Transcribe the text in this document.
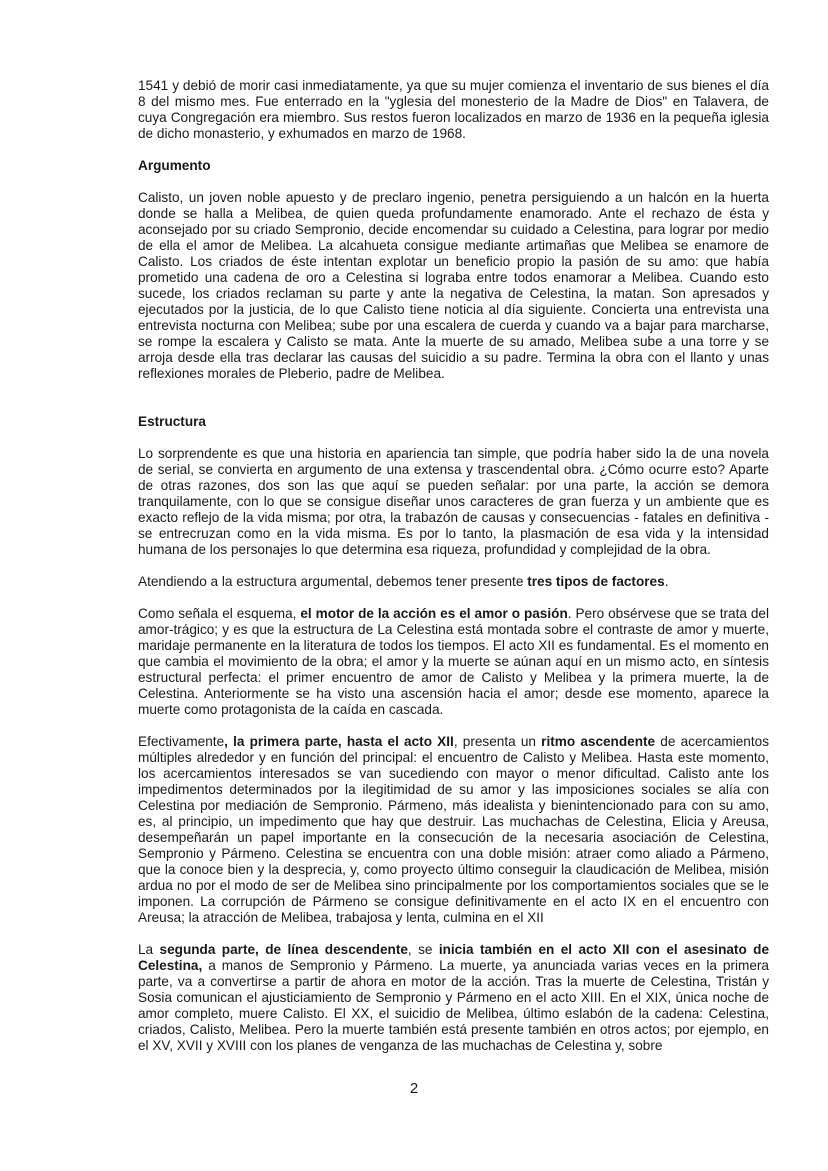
1541 y debió de morir casi inmediatamente, ya que su mujer comienza el inventario de sus bienes el día 8 del mismo mes. Fue enterrado en la "yglesia del monesterio de la Madre de Dios" en Talavera, de cuya Congregación era miembro. Sus restos fueron localizados en marzo de 1936 en la pequeña iglesia de dicho monasterio, y exhumados en marzo de 1968.

Argumento

Calisto, un joven noble apuesto y de preclaro ingenio, penetra persiguiendo a un halcón en la huerta donde se halla a Melibea, de quien queda profundamente enamorado. Ante el rechazo de ésta y aconsejado por su criado Sempronio, decide encomendar su cuidado a Celestina, para lograr por medio de ella el amor de Melibea. La alcahueta consigue mediante artimañas que Melibea se enamore de Calisto. Los criados de éste intentan explotar un beneficio propio la pasión de su amo: que había prometido una cadena de oro a Celestina si lograba entre todos enamorar a Melibea. Cuando esto sucede, los criados reclaman su parte y ante la negativa de Celestina, la matan. Son apresados y ejecutados por la justicia, de lo que Calisto tiene noticia al día siguiente. Concierta una entrevista una entrevista nocturna con Melibea; sube por una escalera de cuerda y cuando va a bajar para marcharse, se rompe la escalera y Calisto se mata. Ante la muerte de su amado, Melibea sube a una torre y se arroja desde ella tras declarar las causas del suicidio a su padre. Termina la obra con el llanto y unas reflexiones morales de Pleberio, padre de Melibea.

Estructura

Lo sorprendente es que una historia en apariencia tan simple, que podría haber sido la de una novela de serial, se convierta en argumento de una extensa y trascendental obra. ¿Cómo ocurre esto? Aparte de otras razones, dos son las que aquí se pueden señalar: por una parte, la acción se demora tranquilamente, con lo que se consigue diseñar unos caracteres de gran fuerza y un ambiente que es exacto reflejo de la vida misma; por otra, la trabazón de causas y consecuencias - fatales en definitiva - se entrecruzan como en la vida misma. Es por lo tanto, la plasmación de esa vida y la intensidad humana de los personajes lo que determina esa riqueza, profundidad y complejidad de la obra.

Atendiendo a la estructura argumental, debemos tener presente tres tipos de factores.

Como señala el esquema, el motor de la acción es el amor o pasión. Pero obsérvese que se trata del amor-trágico; y es que la estructura de La Celestina está montada sobre el contraste de amor y muerte, maridaje permanente en la literatura de todos los tiempos. El acto XII es fundamental. Es el momento en que cambia el movimiento de la obra; el amor y la muerte se aúnan aquí en un mismo acto, en síntesis estructural perfecta: el primer encuentro de amor de Calisto y Melibea y la primera muerte, la de Celestina. Anteriormente se ha visto una ascensión hacia el amor; desde ese momento, aparece la muerte como protagonista de la caída en cascada.

Efectivamente, la primera parte, hasta el acto XII, presenta un ritmo ascendente de acercamientos múltiples alrededor y en función del principal: el encuentro de Calisto y Melibea. Hasta este momento, los acercamientos interesados se van sucediendo con mayor o menor dificultad. Calisto ante los impedimentos determinados por la ilegitimidad de su amor y las imposiciones sociales se alía con Celestina por mediación de Sempronio. Pármeno, más idealista y bienintencionado para con su amo, es, al principio, un impedimento que hay que destruir. Las muchachas de Celestina, Elicia y Areusa, desempeñarán un papel importante en la consecución de la necesaria asociación de Celestina, Sempronio y Pármeno. Celestina se encuentra con una doble misión: atraer como aliado a Pármeno, que la conoce bien y la desprecia, y, como proyecto último conseguir la claudicación de Melibea, misión ardua no por el modo de ser de Melibea sino principalmente por los comportamientos sociales que se le imponen. La corrupción de Pármeno se consigue definitivamente en el acto IX en el encuentro con Areusa; la atracción de Melibea, trabajosa y lenta, culmina en el XII

La segunda parte, de línea descendente, se inicia también en el acto XII con el asesinato de Celestina, a manos de Sempronio y Pármeno. La muerte, ya anunciada varias veces en la primera parte, va a convertirse a partir de ahora en motor de la acción. Tras la muerte de Celestina, Tristán y Sosia comunican el ajusticiamiento de Sempronio y Pármeno en el acto XIII. En el XIX, única noche de amor completo, muere Calisto. El XX, el suicidio de Melibea, último eslabón de la cadena: Celestina, criados, Calisto, Melibea. Pero la muerte también está presente también en otros actos; por ejemplo, en el XV, XVII y XVIII con los planes de venganza de las muchachas de Celestina y, sobre

2
